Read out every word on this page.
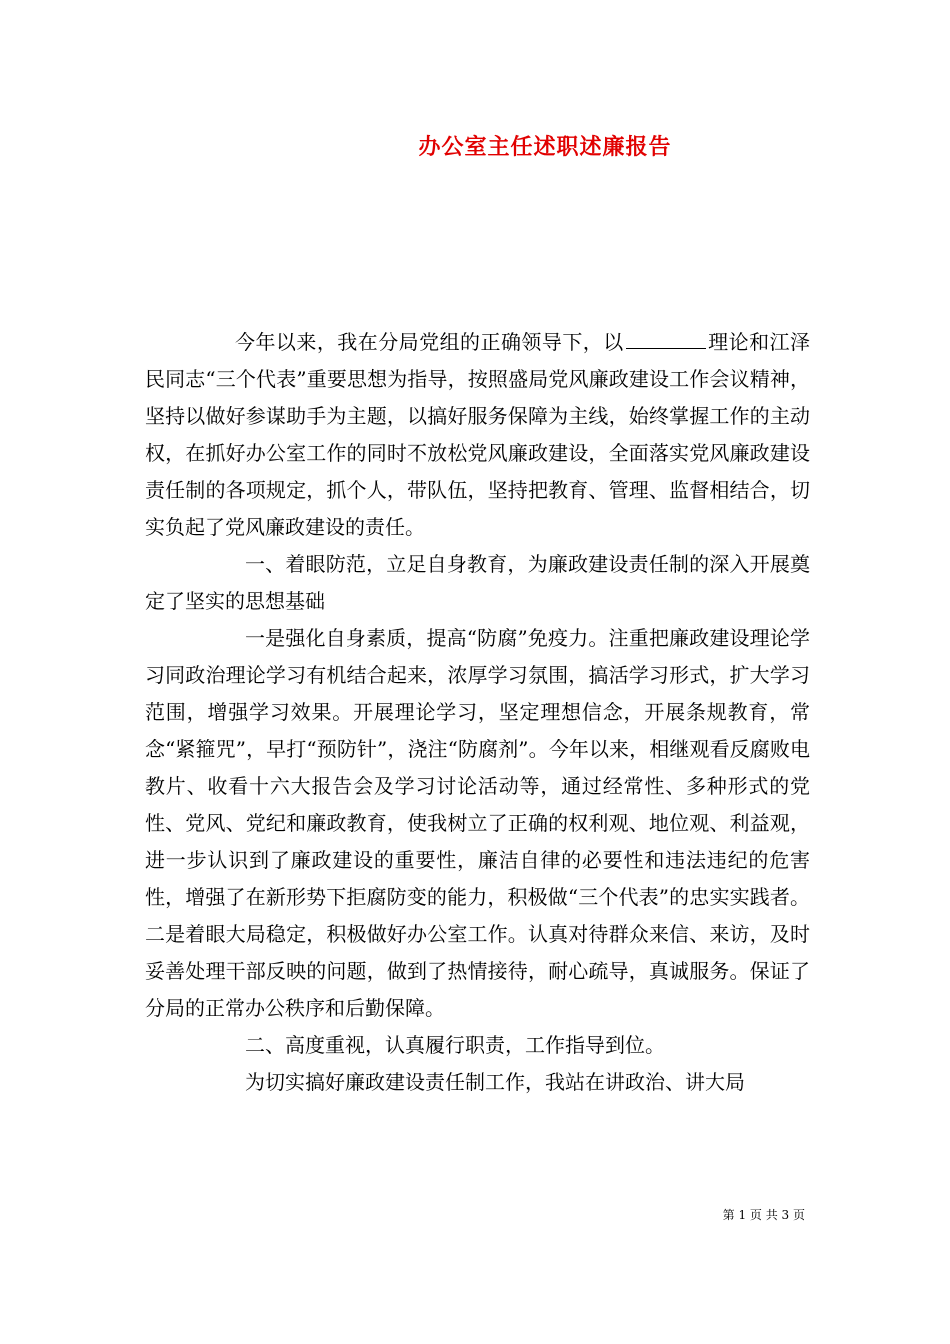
办公室主任述职述廉报告

今年以来，我在分局党组的正确领导下，以	理论和江泽民同志“三个代表”重要思想为指导，按照盛局党风廉政建设工作会议精神，坚持以做好参谋助手为主题，以搞好服务保障为主线，始终掌握工作的主动权，在抓好办公室工作的同时不放松党风廉政建设，全面落实党风廉政建设责任制的各项规定，抓个人，带队伍，坚持把教育、管理、监督相结合，切实负起了党风廉政建设的责任。

一、着眼防范，立足自身教育，为廉政建设责任制的深入开展奠定了坚实的思想基础

一是强化自身素质，提高“防腐”免疫力。注重把廉政建设理论学习同政治理论学习有机结合起来，浓厚学习氛围，搞活学习形式，扩大学习范围，增强学习效果。开展理论学习，坚定理想信念，开展条规教育，常念“紧箍咒”，早打“预防针”，浇注“防腐剂”。今年以来，相继观看反腐败电教片、收看十六大报告会及学习讨论活动等，通过经常性、多种形式的党性、党风、党纪和廉政教育，使我树立了正确的权利观、地位观、利益观，进一步认识到了廉政建设的重要性，廉洁自律的必要性和违法违纪的危害性，增强了在新形势下拒腐防变的能力，积极做“三个代表”的忠实实践者。二是着眼大局稳定，积极做好办公室工作。认真对待群众来信、来访，及时妥善处理干部反映的问题，做到了热情接待，耐心疏导，真诚服务。保证了分局的正常办公秩序和后勤保障。

二、高度重视，认真履行职责，工作指导到位。

为切实搞好廉政建设责任制工作，我站在讲政治、讲大局

第 1 页 共 3 页
